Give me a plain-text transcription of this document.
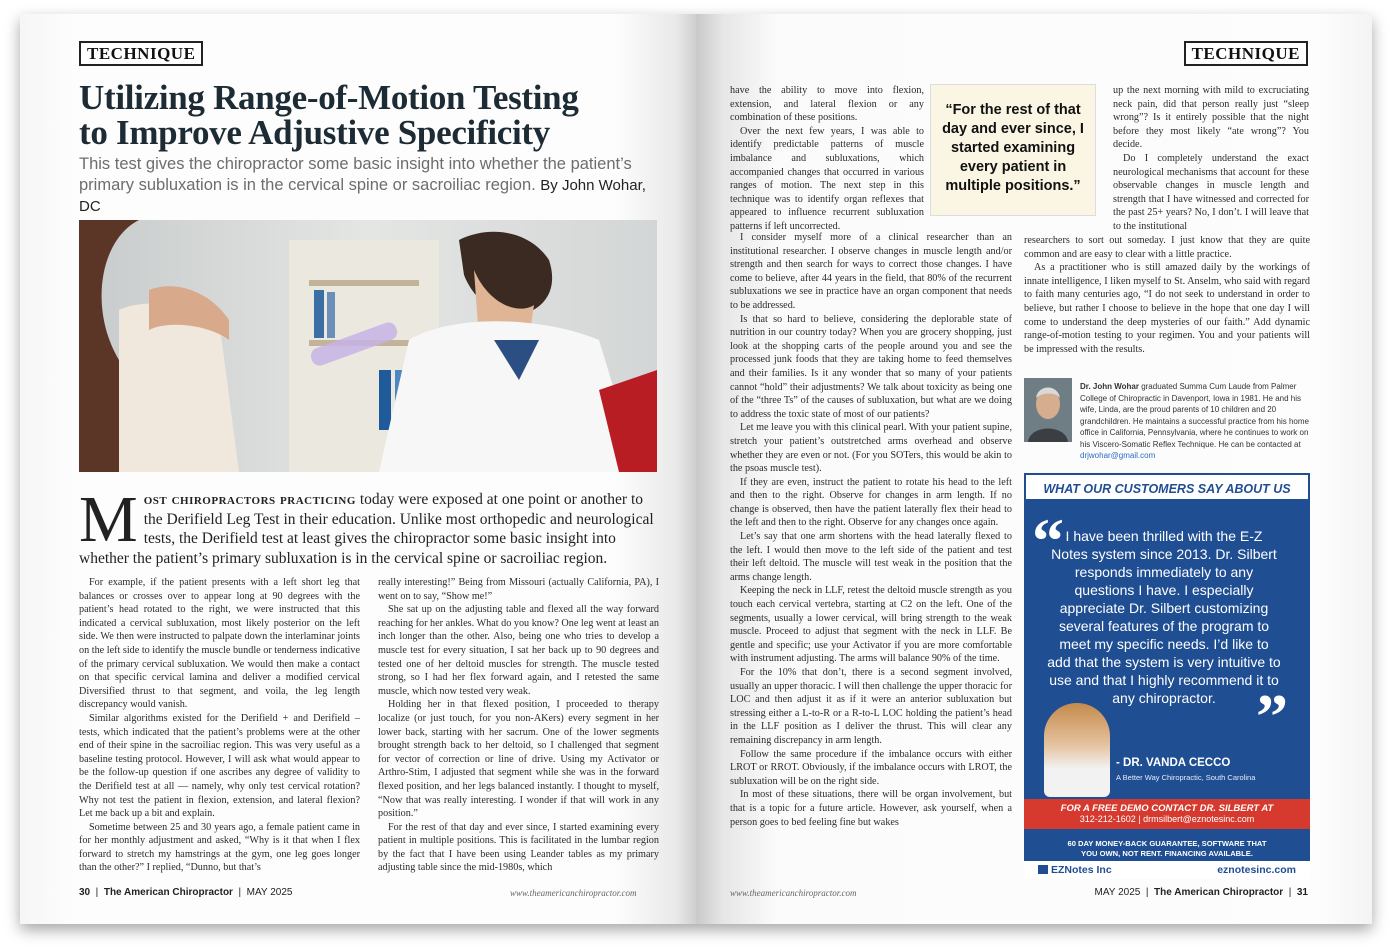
TECHNIQUE
Utilizing Range-of-Motion Testing
to Improve Adjustive Specificity
This test gives the chiropractor some basic insight into whether the patient’s primary subluxation is in the cervical spine or sacroiliac region. By John Wohar, DC
Most chiropractors practicing today were exposed at one point or another to the Derifield Leg Test in their education. Unlike most orthopedic and neurological tests, the Derifield test at least gives the chiropractor some basic insight into whether the patient’s primary subluxation is in the cervical spine or sacroiliac region.

For example, if the patient presents with a left short leg that balances or crosses over to appear long at 90 degrees with the patient’s head rotated to the right, we were instructed that this indicated a cervical subluxation, most likely posterior on the left side. We then were instructed to palpate down the interlaminar joints on the left side to identify the muscle bundle or tenderness indicative of the primary cervical subluxation. We would then make a contact on that specific cervical lamina and deliver a modified cervical Diversified thrust to that segment, and voila, the leg length discrepancy would vanish.

Similar algorithms existed for the Derifield + and Derifield – tests, which indicated that the patient’s problems were at the other end of their spine in the sacroiliac region. This was very useful as a baseline testing protocol. However, I will ask what would appear to be the follow-up question if one ascribes any degree of validity to the Derifield test at all — namely, why only test cervical rotation? Why not test the patient in flexion, extension, and lateral flexion? Let me back up a bit and explain.

Sometime between 25 and 30 years ago, a female patient came in for her monthly adjustment and asked, “Why is it that when I flex forward to stretch my hamstrings at the gym, one leg goes longer than the other?” I replied, “Dunno, but that’s

really interesting!” Being from Missouri (actually California, PA), I went on to say, “Show me!”

She sat up on the adjusting table and flexed all the way forward reaching for her ankles. What do you know? One leg went at least an inch longer than the other. Also, being one who tries to develop a muscle test for every situation, I sat her back up to 90 degrees and tested one of her deltoid muscles for strength. The muscle tested strong, so I had her flex forward again, and I retested the same muscle, which now tested very weak.

Holding her in that flexed position, I proceeded to therapy localize (or just touch, for you non-AKers) every segment in her lower back, starting with her sacrum. One of the lower segments brought strength back to her deltoid, so I challenged that segment for vector of correction or line of drive. Using my Activator or Arthro-Stim, I adjusted that segment while she was in the forward flexed position, and her legs balanced instantly. I thought to myself, “Now that was really interesting. I wonder if that will work in any position.”

For the rest of that day and ever since, I started examining every patient in multiple positions. This is facilitated in the lumbar region by the fact that I have been using Leander tables as my primary adjusting table since the mid-1980s, which

30  |  The American Chiropractor  |  MAY 2025	www.theamericanchiropractor.com
TECHNIQUE

have the ability to move into flexion, extension, and lateral flexion or any combination of these positions.

Over the next few years, I was able to identify predictable patterns of muscle imbalance and subluxations, which accompanied changes that occurred in various ranges of motion. The next step in this technique was to identify organ reflexes that appeared to influence recurrent subluxation patterns if left uncorrected.

“For the rest of that day and ever since, I started examining every patient in multiple positions.”

I consider myself more of a clinical researcher than an institutional researcher. I observe changes in muscle length and/or strength and then search for ways to correct those changes. I have come to believe, after 44 years in the field, that 80% of the recurrent subluxations we see in practice have an organ component that needs to be addressed.

Is that so hard to believe, considering the deplorable state of nutrition in our country today? When you are grocery shopping, just look at the shopping carts of the people around you and see the processed junk foods that they are taking home to feed themselves and their families. Is it any wonder that so many of your patients cannot “hold” their adjustments? We talk about toxicity as being one of the “three Ts” of the causes of subluxation, but what are we doing to address the toxic state of most of our patients?

Let me leave you with this clinical pearl. With your patient supine, stretch your patient’s outstretched arms overhead and observe whether they are even or not. (For you SOTers, this would be akin to the psoas muscle test).

If they are even, instruct the patient to rotate his head to the left and then to the right. Observe for changes in arm length. If no change is observed, then have the patient laterally flex their head to the left and then to the right. Observe for any changes once again.

Let’s say that one arm shortens with the head laterally flexed to the left. I would then move to the left side of the patient and test their left deltoid. The muscle will test weak in the position that the arms change length.

Keeping the neck in LLF, retest the deltoid muscle strength as you touch each cervical vertebra, starting at C2 on the left. One of the segments, usually a lower cervical, will bring strength to the weak muscle. Proceed to adjust that segment with the neck in LLF. Be gentle and specific; use your Activator if you are more comfortable with instrument adjusting. The arms will balance 90% of the time.

For the 10% that don’t, there is a second segment involved, usually an upper thoracic. I will then challenge the upper thoracic for LOC and then adjust it as if it were an anterior subluxation but stressing either a L-to-R or a R-to-L LOC holding the patient’s head in the LLF position as I deliver the thrust. This will clear any remaining discrepancy in arm length.

Follow the same procedure if the imbalance occurs with either LROT or RROT. Obviously, if the imbalance occurs with LROT, the subluxation will be on the right side.

In most of these situations, there will be organ involvement, but that is a topic for a future article. However, ask yourself, when a person goes to bed feeling fine but wakes

up the next morning with mild to excruciating neck pain, did that person really just “sleep wrong”? Is it entirely possible that the night before they most likely “ate wrong”? You decide.

Do I completely understand the exact neurological mechanisms that account for these observable changes in muscle length and strength that I have witnessed and corrected for the past 25+ years? No, I don’t. I will leave that to the institutional

researchers to sort out someday. I just know that they are quite common and are easy to clear with a little practice.

As a practitioner who is still amazed daily by the workings of innate intelligence, I liken myself to St. Anselm, who said with regard to faith many centuries ago, “I do not seek to understand in order to believe, but rather I choose to believe in the hope that one day I will come to understand the deep mysteries of our faith.” Add dynamic range-of-motion testing to your regimen. You and your patients will be impressed with the results.

Dr. John Wohar graduated Summa Cum Laude from Palmer College of Chiropractic in Davenport, Iowa in 1981. He and his wife, Linda, are the proud parents of 10 children and 20 grandchildren. He maintains a successful practice from his home office in California, Pennsylvania, where he continues to work on his Viscero-Somatic Reflex Technique. He can be contacted at drjwohar@gmail.com
WHAT OUR CUSTOMERS SAY ABOUT US
“ I have been thrilled with the E-Z Notes system since 2013. Dr. Silbert responds immediately to any questions I have. I especially appreciate Dr. Silbert customizing several features of the program to meet my specific needs. I’d like to add that the system is very intuitive to use and that I highly recommend it to any chiropractor. ”
- DR. VANDA CECCO
A Better Way Chiropractic, South Carolina
FOR A FREE DEMO CONTACT DR. SILBERT AT
312-212-1602 | drmsilbert@eznotesinc.com
60 DAY MONEY-BACK GUARANTEE, SOFTWARE THAT
YOU OWN, NOT RENT. FINANCING AVAILABLE.
EZNotes Inc	eznotesinc.com
www.theamericanchiropractor.com	MAY 2025  |  The American Chiropractor  |  31
